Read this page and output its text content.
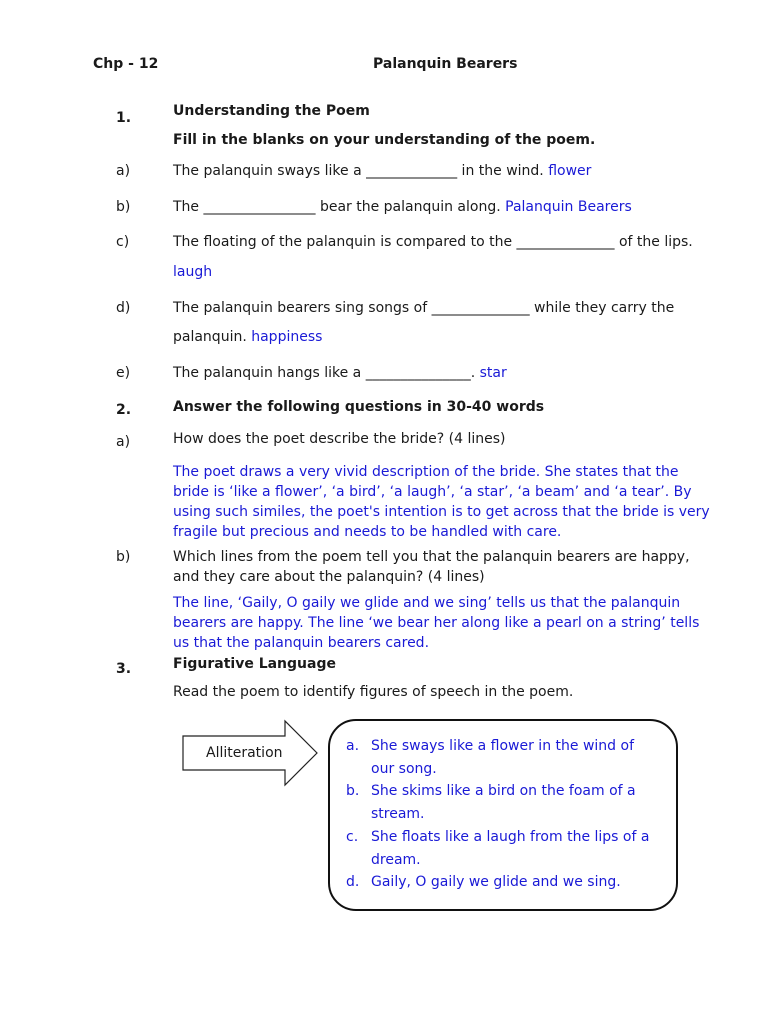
Chp - 12	Palanquin Bearers
1.	Understanding the Poem
Fill in the blanks on your understanding of the poem.
a)	The palanquin sways like a _____________ in the wind. flower
b)	The ________________ bear the palanquin along. Palanquin Bearers
c)	The floating of the palanquin is compared to the ______________ of the lips.
laugh
d)	The palanquin bearers sing songs of ______________ while they carry the
palanquin. happiness
e)	The palanquin hangs like a _______________. star
2.	Answer the following questions in 30-40 words
a)	How does the poet describe the bride? (4 lines)
The poet draws a very vivid description of the bride. She states that the bride is ‘like a flower’, ‘a bird’, ‘a laugh’, ‘a star’, ‘a beam’ and ‘a tear’. By using such similes, the poet's intention is to get across that the bride is very fragile but precious and needs to be handled with care.
b)	Which lines from the poem tell you that the palanquin bearers are happy, and they care about the palanquin? (4 lines)
The line, ‘Gaily, O gaily we glide and we sing’ tells us that the palanquin bearers are happy. The line ‘we bear her along like a pearl on a string’ tells us that the palanquin bearers cared.
3.	Figurative Language
Read the poem to identify figures of speech in the poem.
Alliteration	a. She sways like a flower in the wind of our song.
b. She skims like a bird on the foam of a stream.
c. She floats like a laugh from the lips of a dream.
d. Gaily, O gaily we glide and we sing.
